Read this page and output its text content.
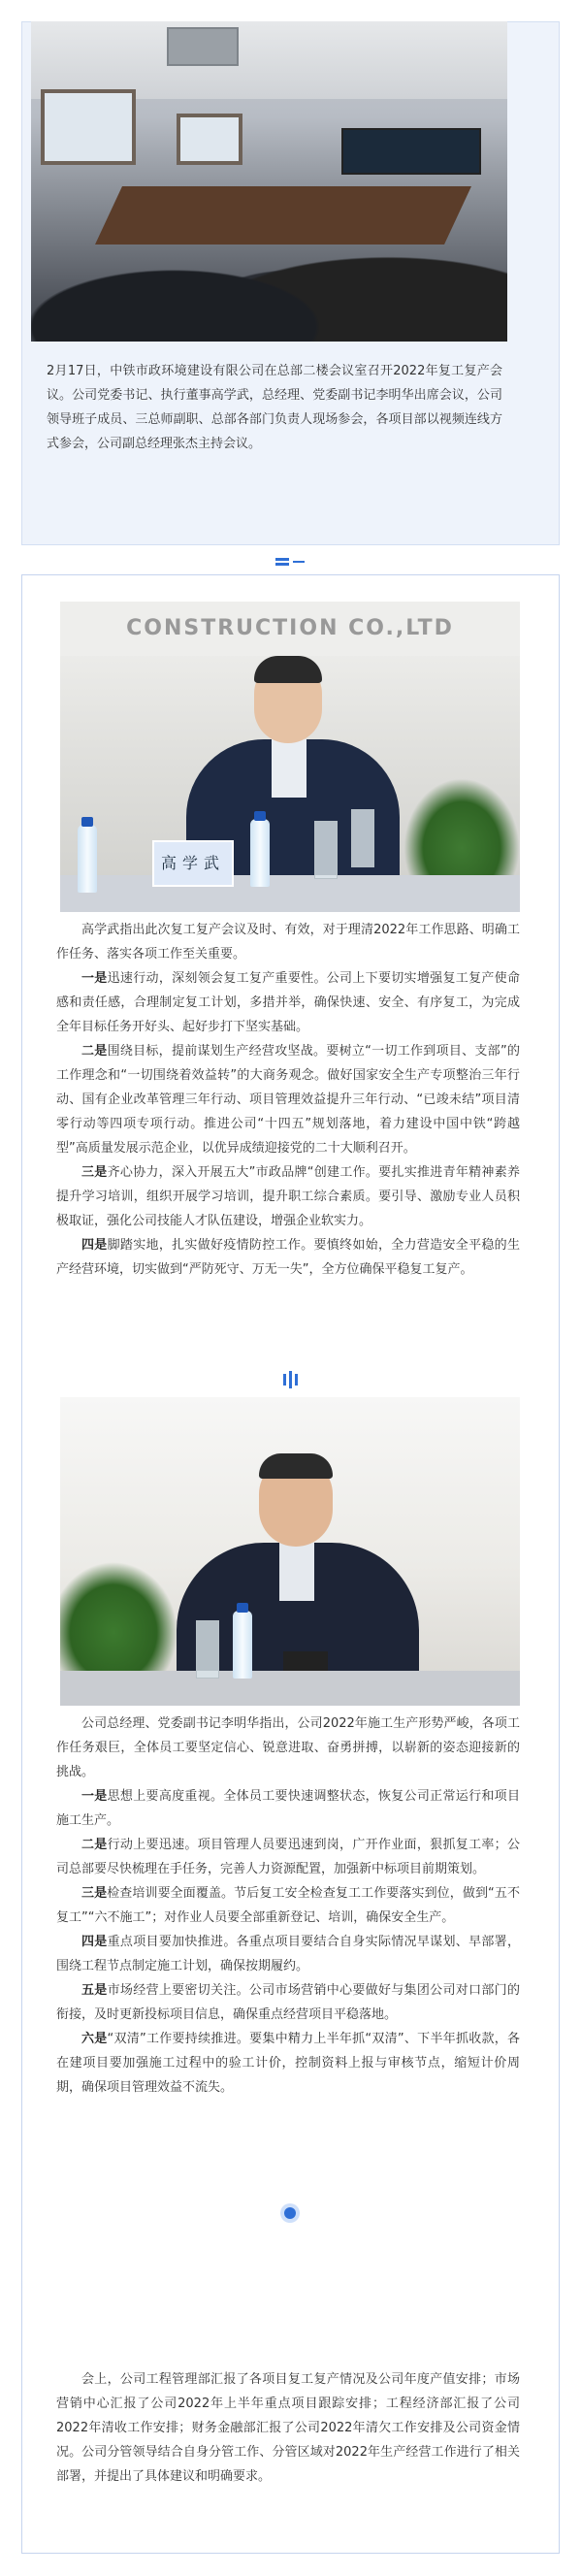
2月17日，中铁市政环境建设有限公司在总部二楼会议室召开2022年复工复产会议。公司党委书记、执行董事高学武，总经理、党委副书记李明华出席会议，公司领导班子成员、三总师副职、总部各部门负责人现场参会，各项目部以视频连线方式参会，公司副总经理张杰主持会议。

CONSTRUCTION CO.,LTD
高学武

高学武指出此次复工复产会议及时、有效，对于理清2022年工作思路、明确工作任务、落实各项工作至关重要。

一是迅速行动，深刻领会复工复产重要性。公司上下要切实增强复工复产使命感和责任感，合理制定复工计划，多措并举，确保快速、安全、有序复工，为完成全年目标任务开好头、起好步打下坚实基础。

二是围绕目标，提前谋划生产经营攻坚战。要树立“一切工作到项目、支部”的工作理念和“一切围绕着效益转”的大商务观念。做好国家安全生产专项整治三年行动、国有企业改革管理三年行动、项目管理效益提升三年行动、“已竣未结”项目清零行动等四项专项行动。推进公司“十四五”规划落地，着力建设中国中铁“跨越型”高质量发展示范企业，以优异成绩迎接党的二十大顺利召开。

三是齐心协力，深入开展五大”市政品牌“创建工作。要扎实推进青年精神素养提升学习培训，组织开展学习培训，提升职工综合素质。要引导、激励专业人员积极取证，强化公司技能人才队伍建设，增强企业软实力。

四是脚踏实地，扎实做好疫情防控工作。要慎终如始，全力营造安全平稳的生产经营环境，切实做到“严防死守、万无一失”，全方位确保平稳复工复产。

公司总经理、党委副书记李明华指出，公司2022年施工生产形势严峻，各项工作任务艰巨，全体员工要坚定信心、锐意进取、奋勇拼搏，以崭新的姿态迎接新的挑战。

一是思想上要高度重视。全体员工要快速调整状态，恢复公司正常运行和项目施工生产。

二是行动上要迅速。项目管理人员要迅速到岗，广开作业面，狠抓复工率；公司总部要尽快梳理在手任务，完善人力资源配置，加强新中标项目前期策划。

三是检查培训要全面覆盖。节后复工安全检查复工工作要落实到位，做到“五不复工”“六不施工”；对作业人员要全部重新登记、培训，确保安全生产。

四是重点项目要加快推进。各重点项目要结合自身实际情况早谋划、早部署，围绕工程节点制定施工计划，确保按期履约。

五是市场经营上要密切关注。公司市场营销中心要做好与集团公司对口部门的衔接，及时更新投标项目信息，确保重点经营项目平稳落地。

六是“双清”工作要持续推进。要集中精力上半年抓“双清”、下半年抓收款，各在建项目要加强施工过程中的验工计价，控制资料上报与审核节点，缩短计价周期，确保项目管理效益不流失。

会上，公司工程管理部汇报了各项目复工复产情况及公司年度产值安排；市场营销中心汇报了公司2022年上半年重点项目跟踪安排；工程经济部汇报了公司2022年清收工作安排；财务金融部汇报了公司2022年清欠工作安排及公司资金情况。公司分管领导结合自身分管工作、分管区域对2022年生产经营工作进行了相关部署，并提出了具体建议和明确要求。
